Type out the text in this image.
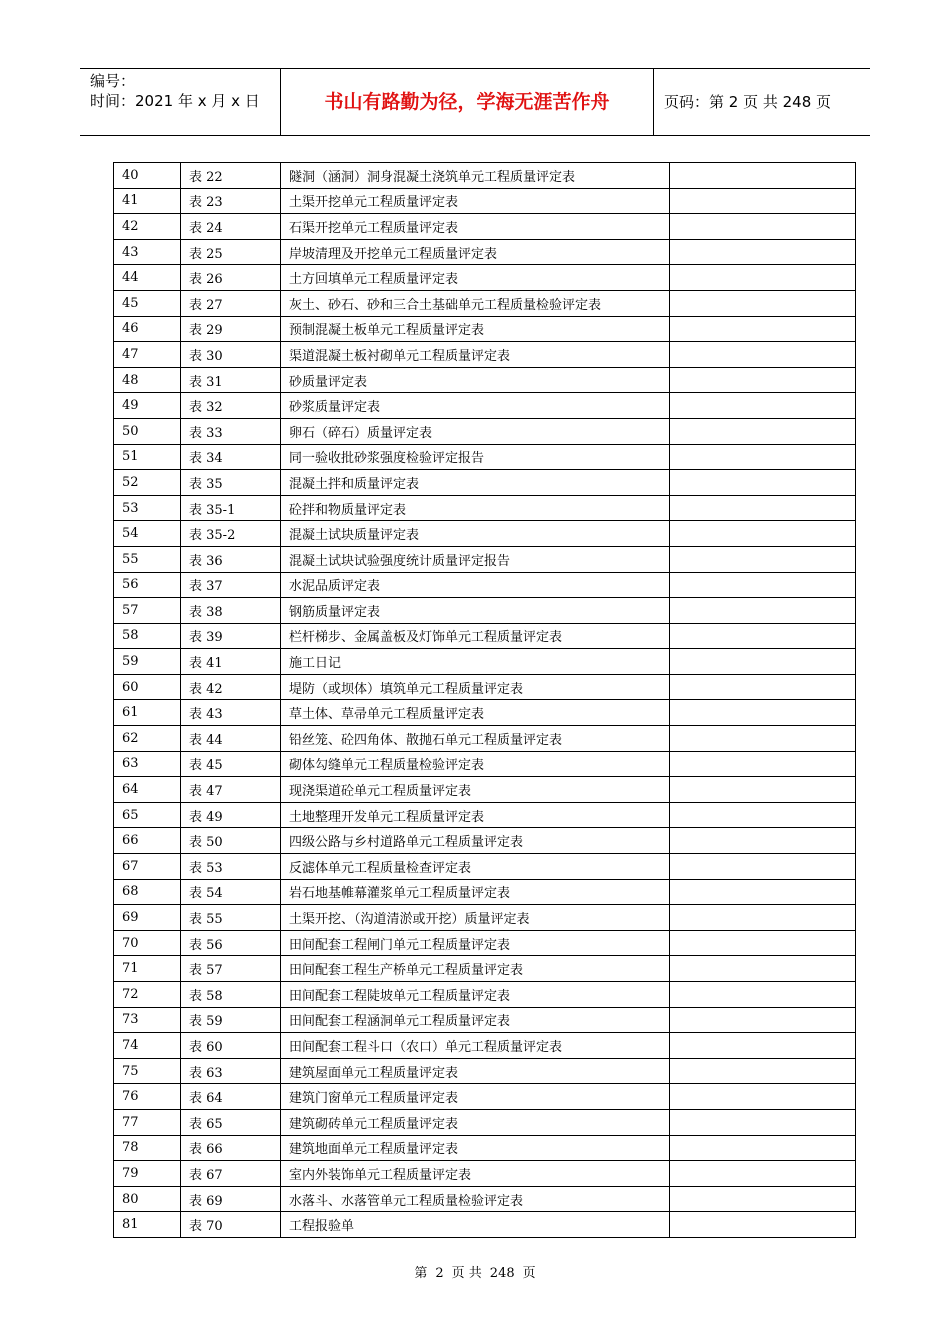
编号：
时间：2021 年 x 月 x 日	书山有路勤为径，学海无涯苦作舟	页码：第 2 页 共 248 页
40	表 22	隧洞（涵洞）洞身混凝土浇筑单元工程质量评定表	
41	表 23	土渠开挖单元工程质量评定表	
42	表 24	石渠开挖单元工程质量评定表	
43	表 25	岸坡清理及开挖单元工程质量评定表	
44	表 26	土方回填单元工程质量评定表	
45	表 27	灰土、砂石、砂和三合土基础单元工程质量检验评定表	
46	表 29	预制混凝土板单元工程质量评定表	
47	表 30	渠道混凝土板衬砌单元工程质量评定表	
48	表 31	砂质量评定表	
49	表 32	砂浆质量评定表	
50	表 33	卵石（碎石）质量评定表	
51	表 34	同一验收批砂浆强度检验评定报告	
52	表 35	混凝土拌和质量评定表	
53	表 35-1	砼拌和物质量评定表	
54	表 35-2	混凝土试块质量评定表	
55	表 36	混凝土试块试验强度统计质量评定报告	
56	表 37	水泥品质评定表	
57	表 38	钢筋质量评定表	
58	表 39	栏杆梯步、金属盖板及灯饰单元工程质量评定表	
59	表 41	施工日记	
60	表 42	堤防（或坝体）填筑单元工程质量评定表	
61	表 43	草土体、草帚单元工程质量评定表	
62	表 44	铅丝笼、砼四角体、散抛石单元工程质量评定表	
63	表 45	砌体勾缝单元工程质量检验评定表	
64	表 47	现浇渠道砼单元工程质量评定表	
65	表 49	土地整理开发单元工程质量评定表	
66	表 50	四级公路与乡村道路单元工程质量评定表	
67	表 53	反滤体单元工程质量检查评定表	
68	表 54	岩石地基帷幕灌浆单元工程质量评定表	
69	表 55	土渠开挖、（沟道清淤或开挖）质量评定表	
70	表 56	田间配套工程闸门单元工程质量评定表	
71	表 57	田间配套工程生产桥单元工程质量评定表	
72	表 58	田间配套工程陡坡单元工程质量评定表	
73	表 59	田间配套工程涵洞单元工程质量评定表	
74	表 60	田间配套工程斗口（农口）单元工程质量评定表	
75	表 63	建筑屋面单元工程质量评定表	
76	表 64	建筑门窗单元工程质量评定表	
77	表 65	建筑砌砖单元工程质量评定表	
78	表 66	建筑地面单元工程质量评定表	
79	表 67	室内外装饰单元工程质量评定表	
80	表 69	水落斗、水落管单元工程质量检验评定表	
81	表 70	工程报验单	
第 2 页 共 248 页
